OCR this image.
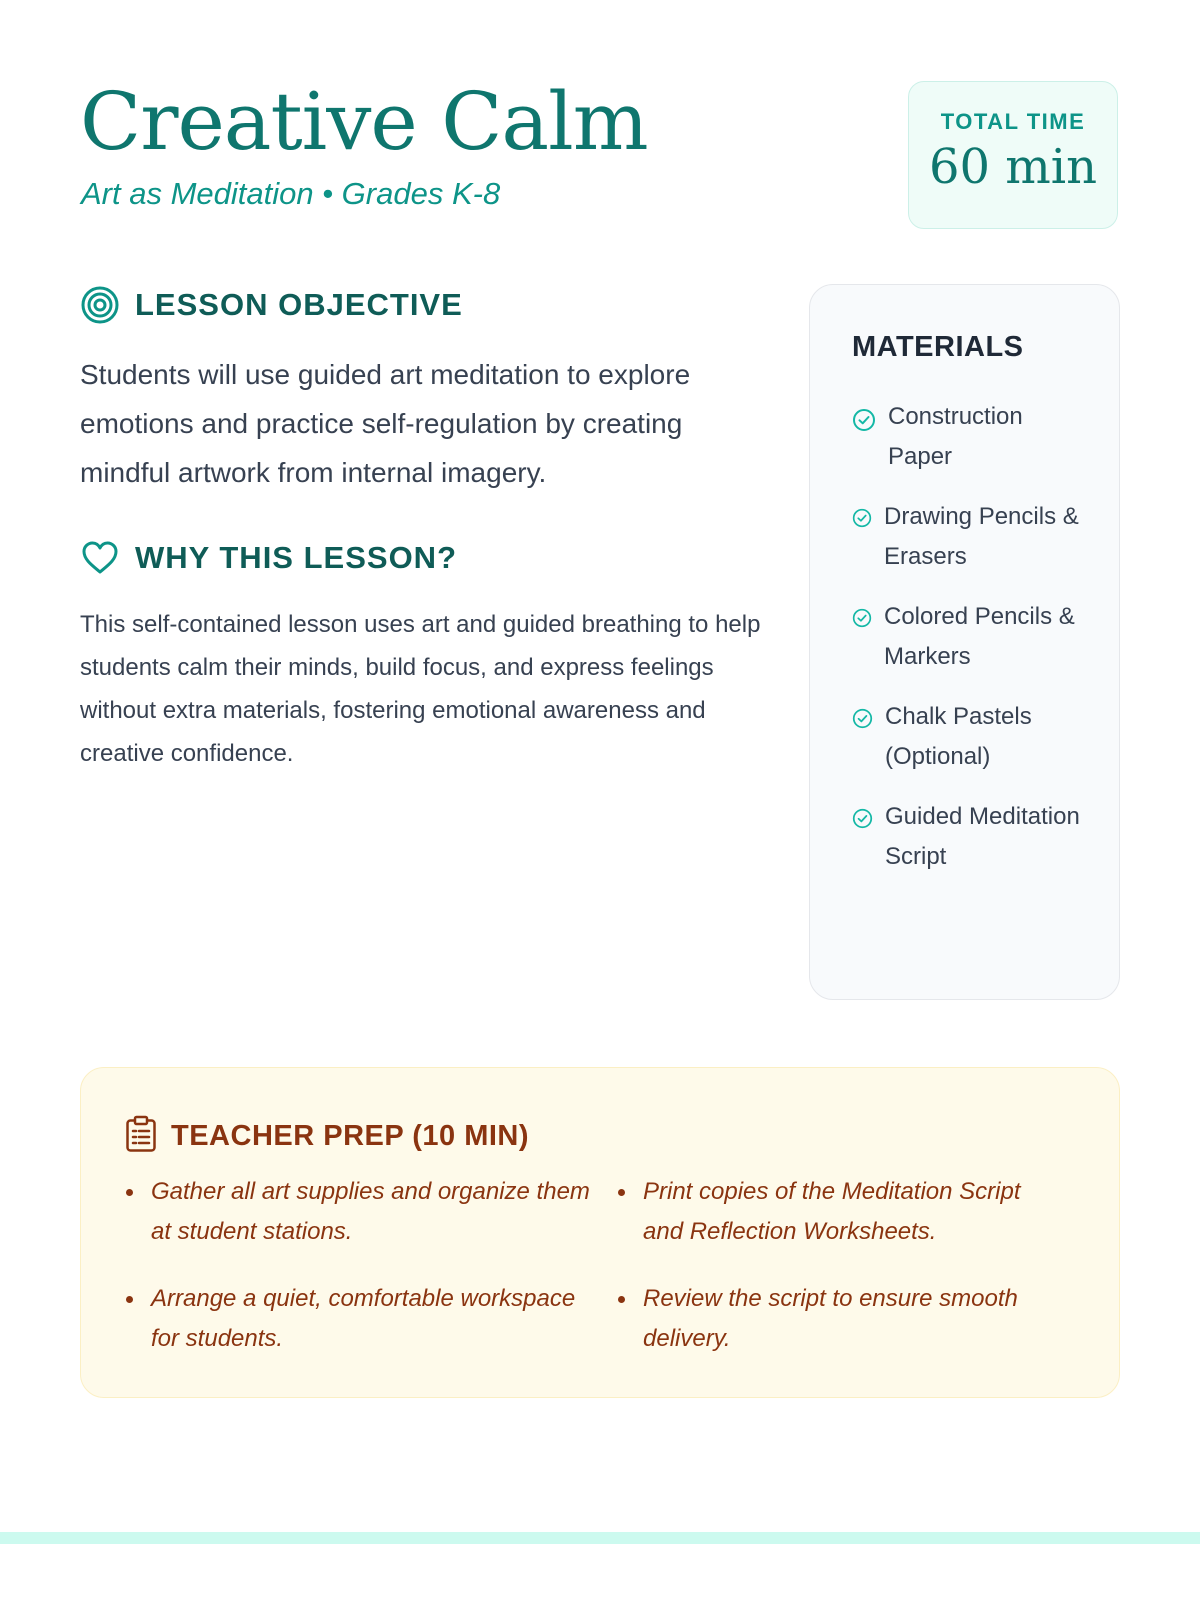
Creative Calm
Art as Meditation • Grades K-8
TOTAL TIME
60 min
LESSON OBJECTIVE

Students will use guided art meditation to explore emotions and practice self-regulation by creating mindful artwork from internal imagery.

WHY THIS LESSON?

This self-contained lesson uses art and guided breathing to help students calm their minds, build focus, and express feelings without extra materials, fostering emotional awareness and creative confidence.

MATERIALS
Construction Paper
Drawing Pencils & Erasers
Colored Pencils & Markers
Chalk Pastels (Optional)
Guided Meditation Script
TEACHER PREP (10 MIN)
Gather all art supplies and organize them at student stations.
Print copies of the Meditation Script and Reflection Worksheets.
Arrange a quiet, comfortable workspace for students.
Review the script to ensure smooth delivery.
